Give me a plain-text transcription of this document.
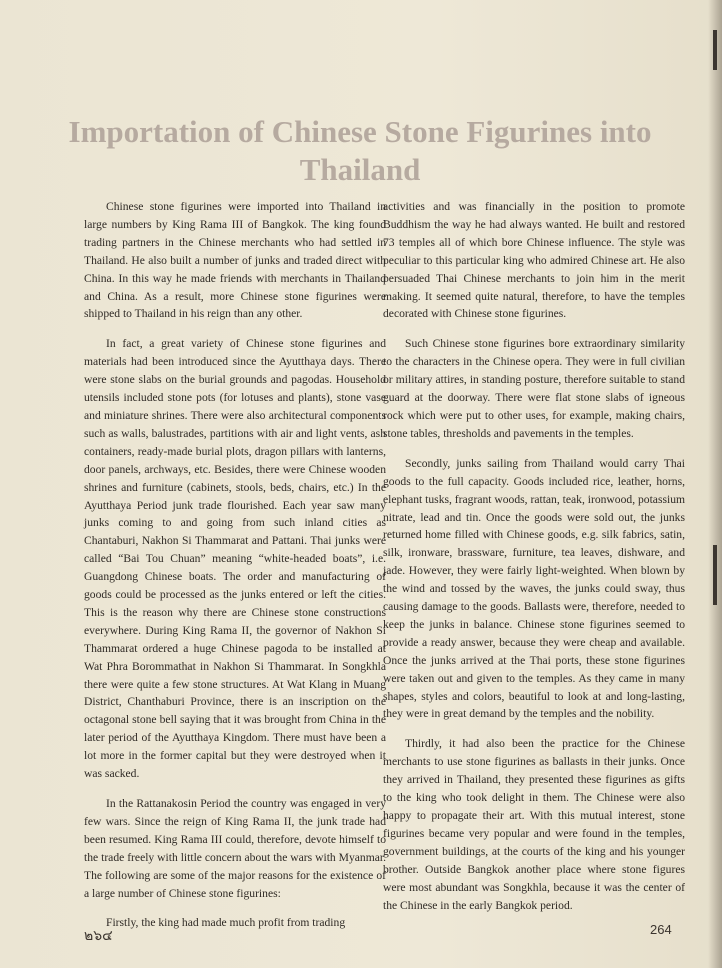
Importation of Chinese Stone Figurines into Thailand

Chinese stone figurines were imported into Thailand in large numbers by King Rama III of Bangkok. The king found trading partners in the Chinese merchants who had settled in Thailand. He also built a number of junks and traded direct with China. In this way he made friends with merchants in Thailand and China. As a result, more Chinese stone figurines were shipped to Thailand in his reign than any other.

In fact, a great variety of Chinese stone figurines and materials had been introduced since the Ayutthaya days. There were stone slabs on the burial grounds and pagodas. Household utensils included stone pots (for lotuses and plants), stone vase and miniature shrines. There were also architectural components such as walls, balustrades, partitions with air and light vents, ash containers, ready-made burial plots, dragon pillars with lanterns, door panels, archways, etc. Besides, there were Chinese wooden shrines and furniture (cabinets, stools, beds, chairs, etc.) In the Ayutthaya Period junk trade flourished. Each year saw many junks coming to and going from such inland cities as Chantaburi, Nakhon Si Thammarat and Pattani. Thai junks were called “Bai Tou Chuan” meaning “white-headed boats”, i.e. Guangdong Chinese boats. The order and manufacturing of goods could be processed as the junks entered or left the cities. This is the reason why there are Chinese stone constructions everywhere. During King Rama II, the governor of Nakhon Si Thammarat ordered a huge Chinese pagoda to be installed at Wat Phra Borommathat in Nakhon Si Thammarat. In Songkhla there were quite a few stone structures. At Wat Klang in Muang District, Chanthaburi Province, there is an inscription on the octagonal stone bell saying that it was brought from China in the later period of the Ayutthaya Kingdom. There must have been a lot more in the former capital but they were destroyed when it was sacked.

In the Rattanakosin Period the country was engaged in very few wars. Since the reign of King Rama II, the junk trade had been resumed. King Rama III could, therefore, devote himself to the trade freely with little concern about the wars with Myanmar. The following are some of the major reasons for the existence of a large number of Chinese stone figurines:

Firstly, the king had made much profit from trading

activities and was financially in the position to promote Buddhism the way he had always wanted. He built and restored 73 temples all of which bore Chinese influence. The style was peculiar to this particular king who admired Chinese art. He also persuaded Thai Chinese merchants to join him in the merit making. It seemed quite natural, therefore, to have the temples decorated with Chinese stone figurines.

Such Chinese stone figurines bore extraordinary similarity to the characters in the Chinese opera. They were in full civilian or military attires, in standing posture, therefore suitable to stand guard at the doorway. There were flat stone slabs of igneous rock which were put to other uses, for example, making chairs, stone tables, thresholds and pavements in the temples.

Secondly, junks sailing from Thailand would carry Thai goods to the full capacity. Goods included rice, leather, horns, elephant tusks, fragrant woods, rattan, teak, ironwood, potassium nitrate, lead and tin. Once the goods were sold out, the junks returned home filled with Chinese goods, e.g. silk fabrics, satin, silk, ironware, brassware, furniture, tea leaves, dishware, and jade. However, they were fairly light-weighted. When blown by the wind and tossed by the waves, the junks could sway, thus causing damage to the goods. Ballasts were, therefore, needed to keep the junks in balance. Chinese stone figurines seemed to provide a ready answer, because they were cheap and available. Once the junks arrived at the Thai ports, these stone figurines were taken out and given to the temples. As they came in many shapes, styles and colors, beautiful to look at and long-lasting, they were in great demand by the temples and the nobility.

Thirdly, it had also been the practice for the Chinese merchants to use stone figurines as ballasts in their junks. Once they arrived in Thailand, they presented these figurines as gifts to the king who took delight in them. The Chinese were also happy to propagate their art. With this mutual interest, stone figurines became very popular and were found in the temples, government buildings, at the courts of the king and his younger brother. Outside Bangkok another place where stone figures were most abundant was Songkhla, because it was the center of the Chinese in the early Bangkok period.

๒๖๔	264
